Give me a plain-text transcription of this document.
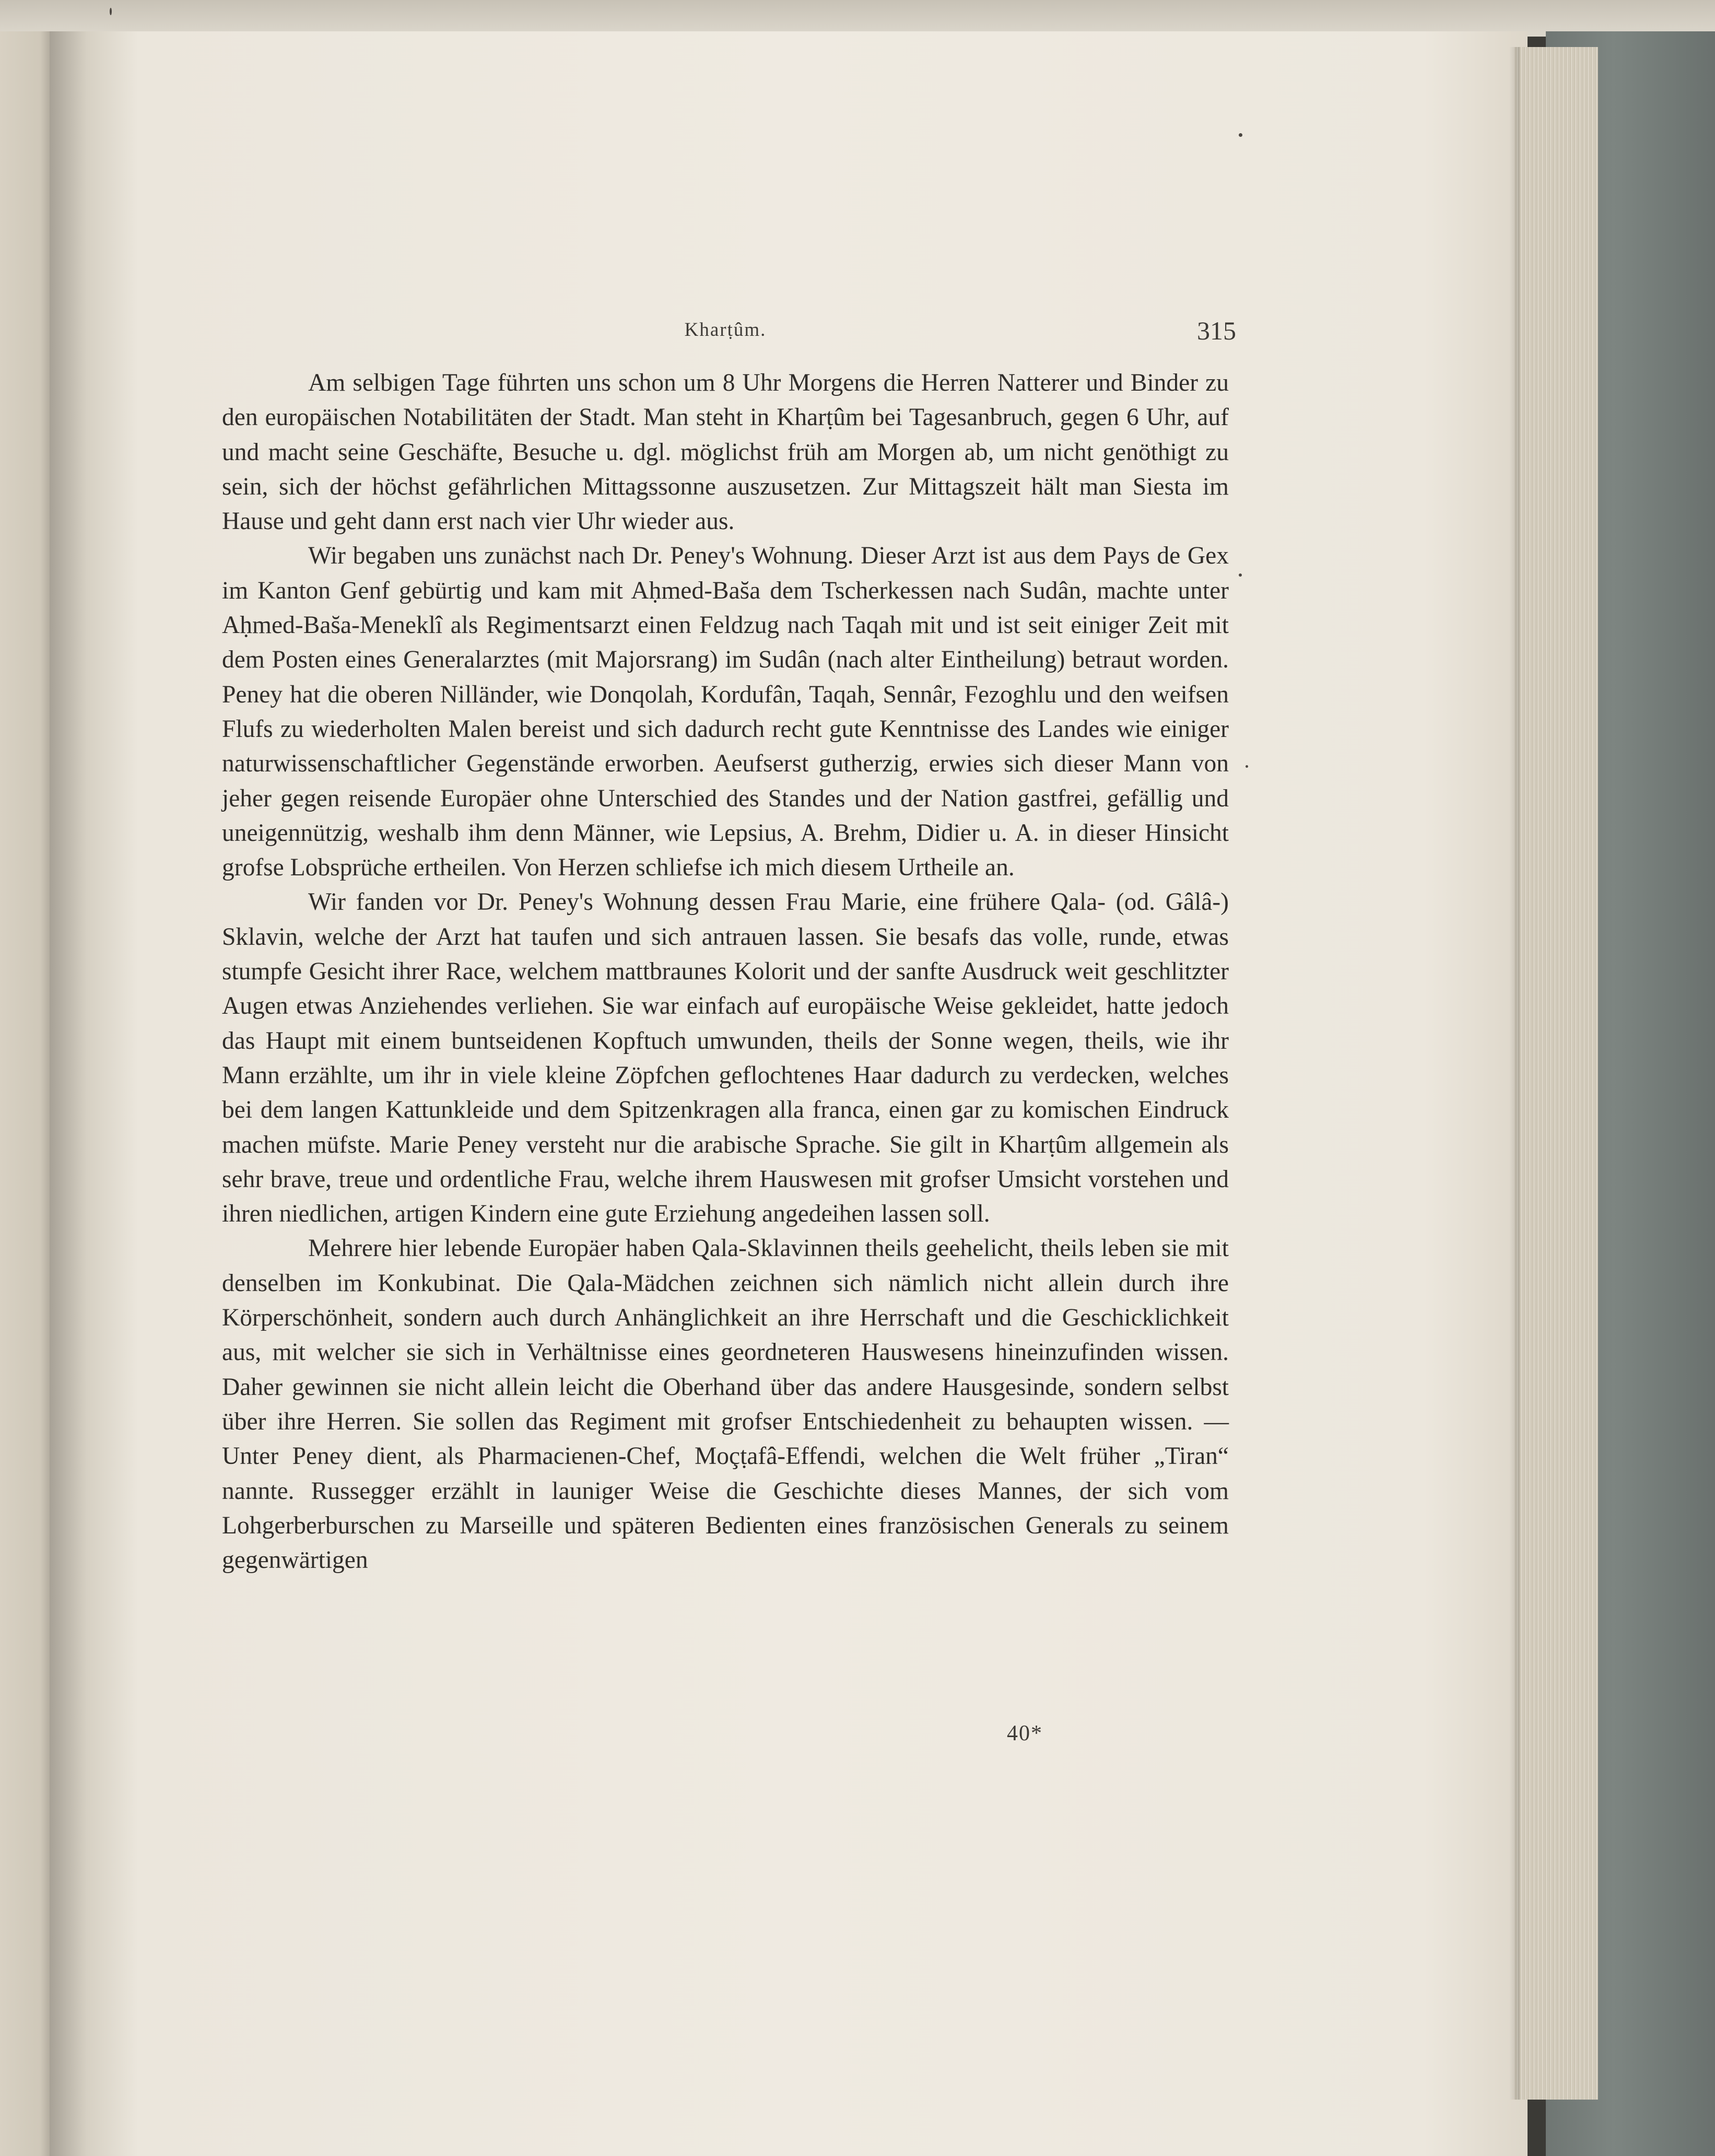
Kharṭûm.	315

Am selbigen Tage führten uns schon um 8 Uhr Morgens die Herren Natterer und Binder zu den europäischen Notabilitäten der Stadt. Man steht in Kharṭûm bei Tagesanbruch, gegen 6 Uhr, auf und macht seine Geschäfte, Besuche u. dgl. möglichst früh am Morgen ab, um nicht genöthigt zu sein, sich der höchst gefährlichen Mittagssonne auszusetzen. Zur Mittagszeit hält man Siesta im Hause und geht dann erst nach vier Uhr wieder aus.

Wir begaben uns zunächst nach Dr. Peney's Wohnung. Dieser Arzt ist aus dem Pays de Gex im Kanton Genf gebürtig und kam mit Aḥmed-Bas̆a dem Tscherkessen nach Sudân, machte unter Aḥmed-Bas̆a-Meneklî als Regimentsarzt einen Feldzug nach Taqah mit und ist seit einiger Zeit mit dem Posten eines Generalarztes (mit Majorsrang) im Sudân (nach alter Eintheilung) betraut worden. Peney hat die oberen Nilländer, wie Donqolah, Kordufân, Taqah, Sennâr, Fezoghlu und den weifsen Flufs zu wiederholten Malen bereist und sich dadurch recht gute Kenntnisse des Landes wie einiger naturwissenschaftlicher Gegenstände erworben. Aeufserst gutherzig, erwies sich dieser Mann von jeher gegen reisende Europäer ohne Unterschied des Standes und der Nation gastfrei, gefällig und uneigennützig, weshalb ihm denn Männer, wie Lepsius, A. Brehm, Didier u. A. in dieser Hinsicht grofse Lobsprüche ertheilen. Von Herzen schliefse ich mich diesem Urtheile an.

Wir fanden vor Dr. Peney's Wohnung dessen Frau Marie, eine frühere Qala- (od. Gâlâ-) Sklavin, welche der Arzt hat taufen und sich antrauen lassen. Sie besafs das volle, runde, etwas stumpfe Gesicht ihrer Race, welchem mattbraunes Kolorit und der sanfte Ausdruck weit geschlitzter Augen etwas Anziehendes verliehen. Sie war einfach auf europäische Weise gekleidet, hatte jedoch das Haupt mit einem buntseidenen Kopftuch umwunden, theils der Sonne wegen, theils, wie ihr Mann erzählte, um ihr in viele kleine Zöpfchen geflochtenes Haar dadurch zu verdecken, welches bei dem langen Kattunkleide und dem Spitzenkragen alla franca, einen gar zu komischen Eindruck machen müfste. Marie Peney versteht nur die arabische Sprache. Sie gilt in Kharṭûm allgemein als sehr brave, treue und ordentliche Frau, welche ihrem Hauswesen mit grofser Umsicht vorstehen und ihren niedlichen, artigen Kindern eine gute Erziehung angedeihen lassen soll.

Mehrere hier lebende Europäer haben Qala-Sklavinnen theils geehelicht, theils leben sie mit denselben im Konkubinat. Die Qala-Mädchen zeichnen sich nämlich nicht allein durch ihre Körperschönheit, sondern auch durch Anhänglichkeit an ihre Herrschaft und die Geschicklichkeit aus, mit welcher sie sich in Verhältnisse eines geordneteren Hauswesens hineinzufinden wissen. Daher gewinnen sie nicht allein leicht die Oberhand über das andere Hausgesinde, sondern selbst über ihre Herren. Sie sollen das Regiment mit grofser Entschiedenheit zu behaupten wissen. — Unter Peney dient, als Pharmacienen-Chef, Moçṭafâ-Effendi, welchen die Welt früher „Tiran“ nannte. Russegger erzählt in launiger Weise die Geschichte dieses Mannes, der sich vom Lohgerberburschen zu Marseille und späteren Bedienten eines französischen Generals zu seinem gegenwärtigen

40*
